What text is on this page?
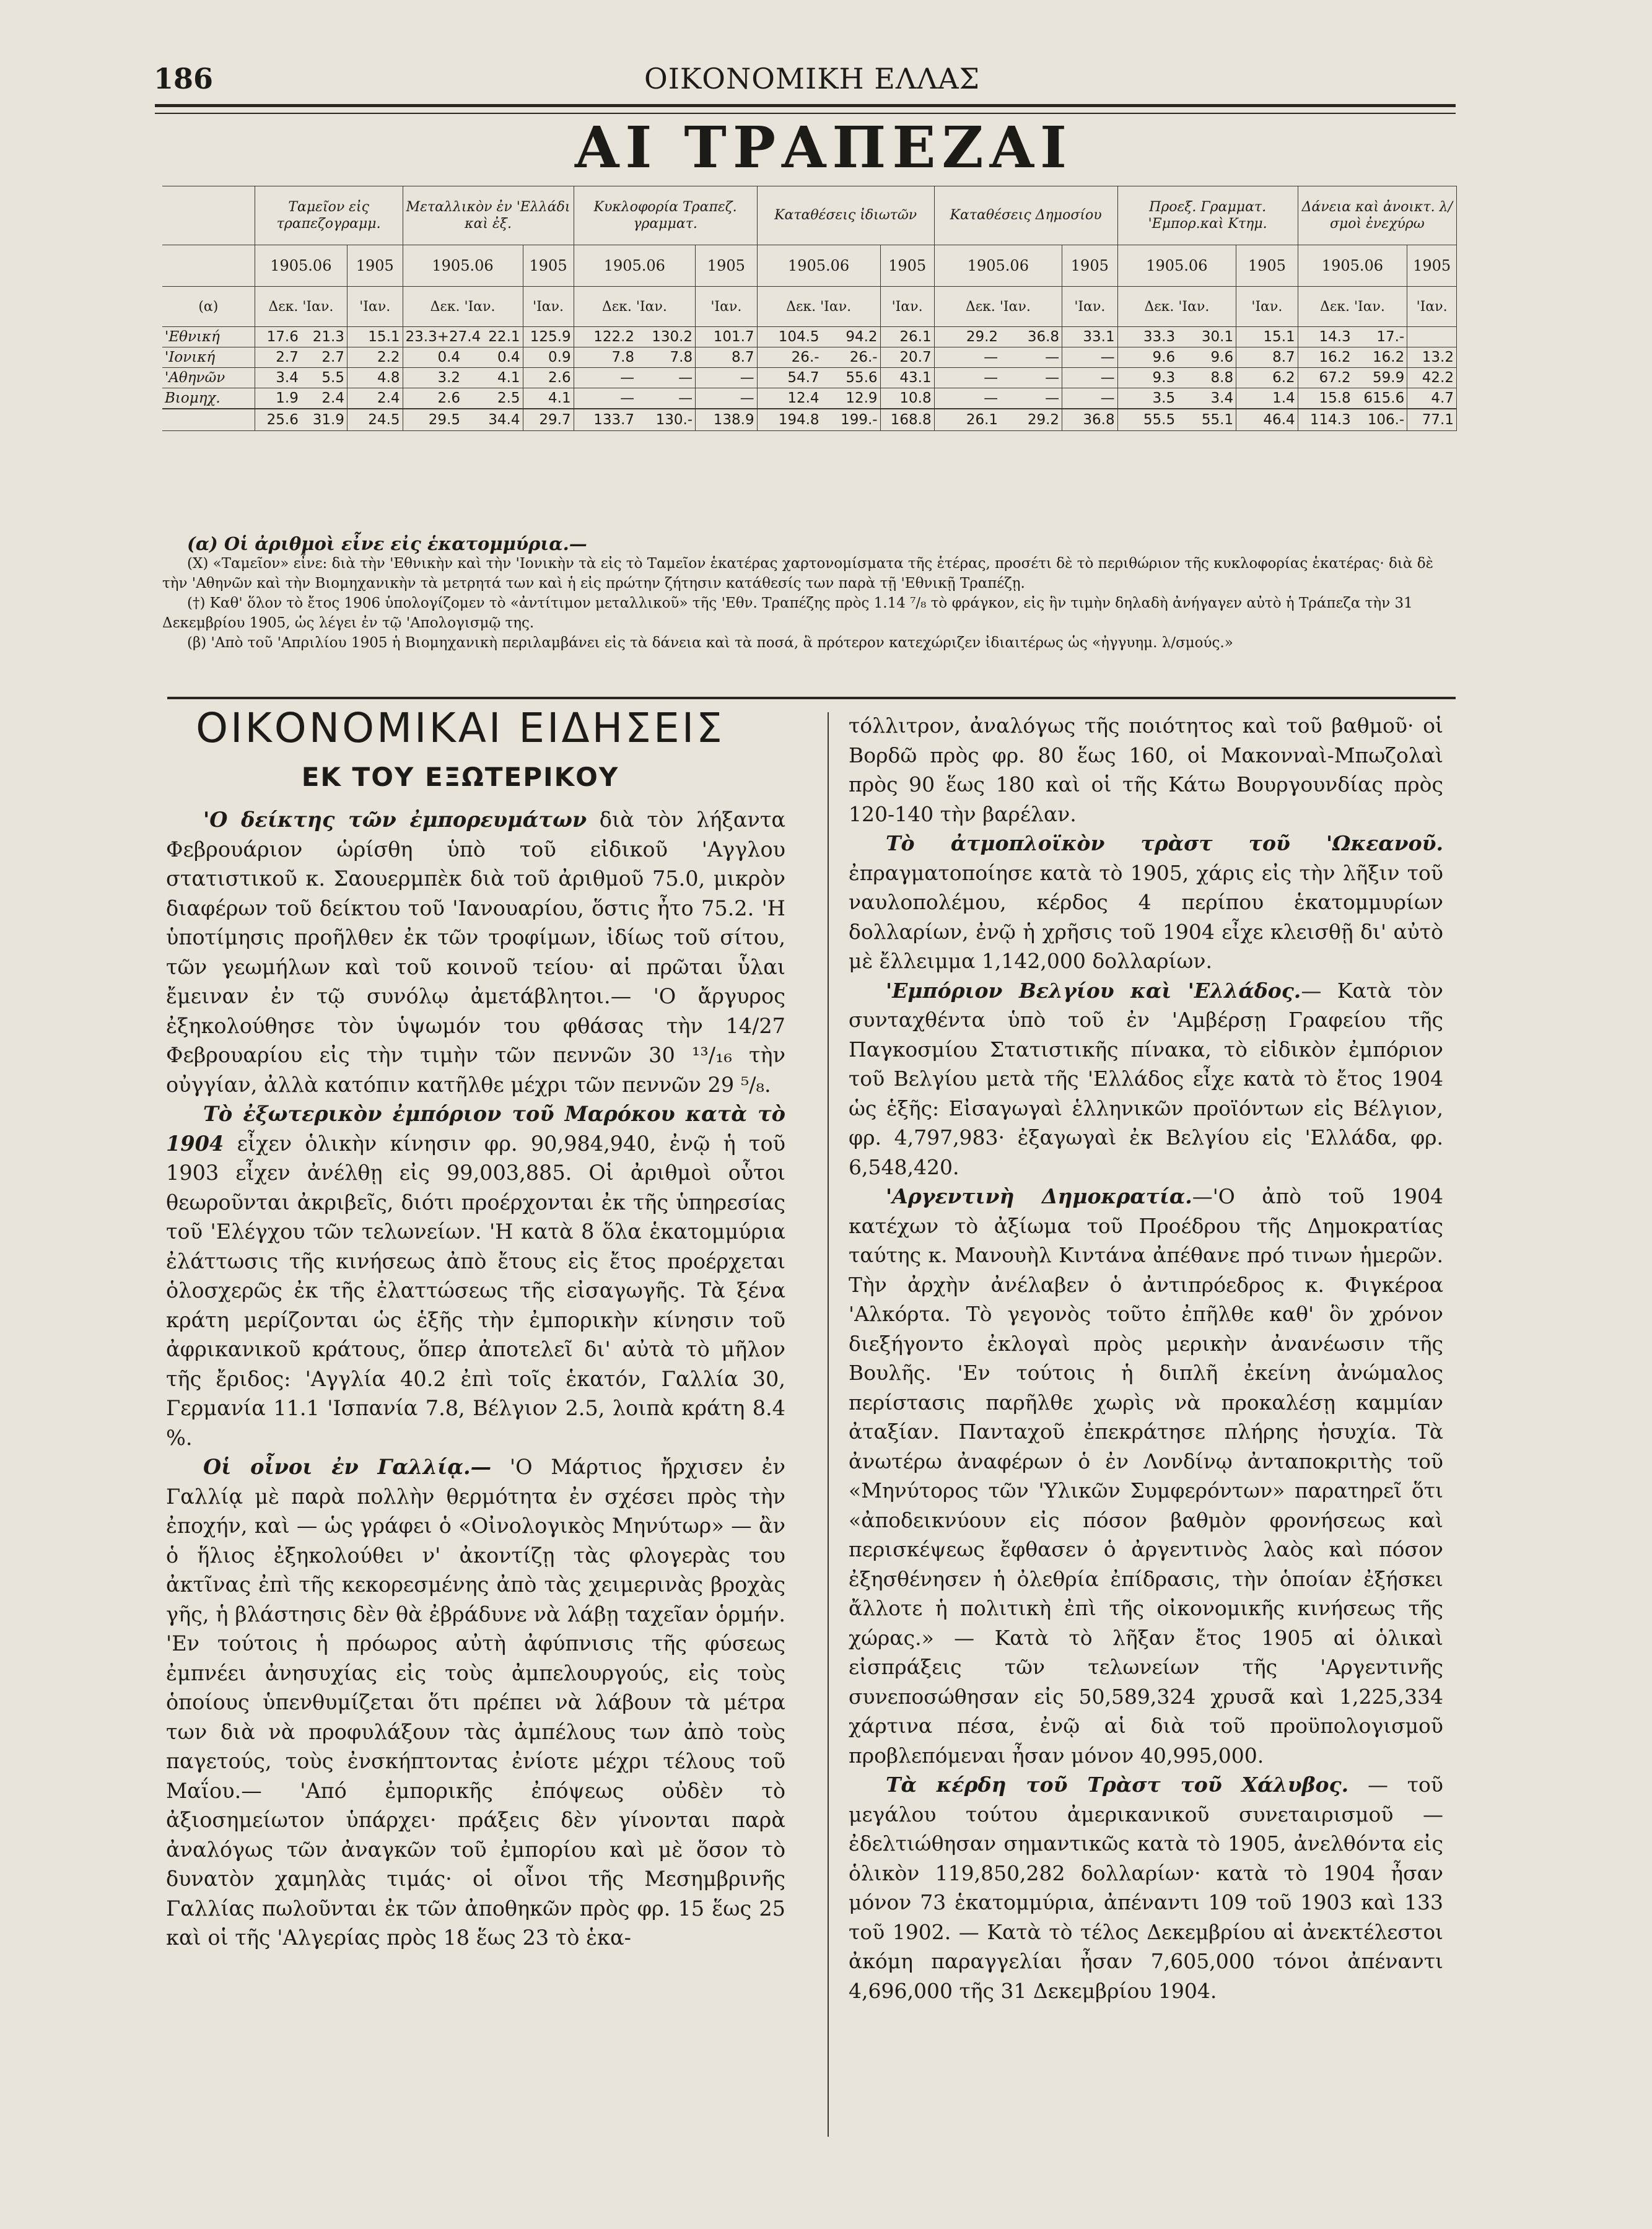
186	ΟΙΚΟΝΟΜΙΚΗ ΕΛΛΑΣ
ΑΙ ΤΡΑΠΕΖΑΙ
	Ταμεῖον εἰς τραπεζογραμμ.			Μεταλλικὸν ἐν 'Ελλάδι καὶ ἐξ.			Κυκλοφορία Τραπεζ. γραμματ.			Καταθέσεις ἰδιωτῶν			Καταθέσεις Δημοσίου			Προεξ. Γραμματ. 'Εμπορ.καὶ Κτημ.			Δάνεια καὶ ἀνοικτ. λ/σμοὶ ἐνεχύρω		
	1905.06		1905	1905.06		1905	1905.06		1905	1905.06		1905	1905.06		1905	1905.06		1905	1905.06		1905
(α)	Δεκ. 'Ιαν.		'Ιαν.	Δεκ. 'Ιαν.		'Ιαν.	Δεκ. 'Ιαν.		'Ιαν.	Δεκ. 'Ιαν.		'Ιαν.	Δεκ. 'Ιαν.		'Ιαν.	Δεκ. 'Ιαν.		'Ιαν.	Δεκ. 'Ιαν.		'Ιαν.
'Εθνική	17.6	21.3	15.1	23.3+27.4	22.1	125.9	122.2	130.2	101.7	104.5	94.2	26.1	29.2	36.8	33.1	33.3	30.1	15.1	14.3	17.-	
'Ιονική	2.7	2.7	2.2	0.4	0.4	0.9	7.8	7.8	8.7	26.-	26.-	20.7	—	—	—	9.6	9.6	8.7	16.2	16.2	13.2
'Αθηνῶν	3.4	5.5	4.8	3.2	4.1	2.6	—	—	—	54.7	55.6	43.1	—	—	—	9.3	8.8	6.2	67.2	59.9	42.2
Βιομηχ.	1.9	2.4	2.4	2.6	2.5	4.1	—	—	—	12.4	12.9	10.8	—	—	—	3.5	3.4	1.4	15.8	615.6	4.7
	25.6	31.9	24.5	29.5	34.4	29.7	133.7	130.-	138.9	194.8	199.-	168.8	26.1	29.2	36.8	55.5	55.1	46.4	114.3	106.-	77.1
(α) Οἱ ἀριθμοὶ εἶνε εἰς ἑκατομμύρια.—

(Χ) «Ταμεῖον» εἶνε: διὰ τὴν 'Εθνικὴν καὶ τὴν 'Ιονικὴν τὰ εἰς τὸ Ταμεῖον ἑκατέρας χαρτονομίσματα τῆς ἑτέρας, προσέτι δὲ τὸ περιθώριον τῆς κυκλοφορίας ἑκατέρας· διὰ δὲ τὴν 'Αθηνῶν καὶ τὴν Βιομηχανικὴν τὰ μετρητά των καὶ ἡ εἰς πρώτην ζήτησιν κατάθεσίς των παρὰ τῇ 'Εθνικῇ Τραπέζῃ.

(†) Καθ' ὅλον τὸ ἔτος 1906 ὑπολογίζομεν τὸ «ἀντίτιμον μεταλλικοῦ» τῆς 'Εθν. Τραπέζης πρὸς 1.14 ⁷/₈ τὸ φράγκον, εἰς ἣν τιμὴν δηλαδὴ ἀνήγαγεν αὐτὸ ἡ Τράπεζα τὴν 31 Δεκεμβρίου 1905, ὡς λέγει ἐν τῷ 'Απολογισμῷ της.

(β) 'Απὸ τοῦ 'Απριλίου 1905 ἡ Βιομηχανικὴ περιλαμβάνει εἰς τὰ δάνεια καὶ τὰ ποσά, ἃ πρότερον κατεχώριζεν ἰδιαιτέρως ὡς «ἠγγυημ. λ/σμούς.»

ΟΙΚΟΝΟΜΙΚΑΙ ΕΙΔΗΣΕΙΣ
ΕΚ ΤΟΥ ΕΞΩΤΕΡΙΚΟΥ

'Ο δείκτης τῶν ἐμπορευμάτων διὰ τὸν λήξαντα Φεβρουάριον ὡρίσθη ὑπὸ τοῦ εἰδικοῦ 'Αγγλου στατιστικοῦ κ. Σαουερμπὲκ διὰ τοῦ ἀριθμοῦ 75.0, μικρὸν διαφέρων τοῦ δείκτου τοῦ 'Ιανουαρίου, ὅστις ἦτο 75.2. 'Η ὑποτίμησις προῆλθεν ἐκ τῶν τροφίμων, ἰδίως τοῦ σίτου, τῶν γεωμήλων καὶ τοῦ κοινοῦ τείου· αἱ πρῶται ὗλαι ἔμειναν ἐν τῷ συνόλῳ ἀμετάβλητοι.— 'Ο ἄργυρος ἐξηκολούθησε τὸν ὑψωμόν του φθάσας τὴν 14/27 Φεβρουαρίου εἰς τὴν τιμὴν τῶν πεννῶν 30 ¹³/₁₆ τὴν οὐγγίαν, ἀλλὰ κατόπιν κατῆλθε μέχρι τῶν πεννῶν 29 ⁵/₈.

Τὸ ἐξωτερικὸν ἐμπόριον τοῦ Μαρόκου κατὰ τὸ 1904 εἶχεν ὁλικὴν κίνησιν φρ. 90,984,940, ἐνῷ ἡ τοῦ 1903 εἶχεν ἀνέλθῃ εἰς 99,003,885. Οἱ ἀριθμοὶ οὗτοι θεωροῦνται ἀκριβεῖς, διότι προέρχονται ἐκ τῆς ὑπηρεσίας τοῦ 'Ελέγχου τῶν τελωνείων. 'Η κατὰ 8 ὅλα ἑκατομμύρια ἐλάττωσις τῆς κινήσεως ἀπὸ ἔτους εἰς ἔτος προέρχεται ὁλοσχερῶς ἐκ τῆς ἐλαττώσεως τῆς εἰσαγωγῆς. Τὰ ξένα κράτη μερίζονται ὡς ἑξῆς τὴν ἐμπορικὴν κίνησιν τοῦ ἀφρικανικοῦ κράτους, ὅπερ ἀποτελεῖ δι' αὐτὰ τὸ μῆλον τῆς ἔριδος: 'Αγγλία 40.2 ἐπὶ τοῖς ἑκατόν, Γαλλία 30, Γερμανία 11.1 'Ισπανία 7.8, Βέλγιον 2.5, λοιπὰ κράτη 8.4 %.

Οἱ οἶνοι ἐν Γαλλίᾳ.— 'Ο Μάρτιος ἤρχισεν ἐν Γαλλίᾳ μὲ παρὰ πολλὴν θερμότητα ἐν σχέσει πρὸς τὴν ἐποχήν, καὶ — ὡς γράφει ὁ «Οἰνολογικὸς Μηνύτωρ» — ἂν ὁ ἥλιος ἐξηκολούθει ν' ἀκοντίζῃ τὰς φλογερὰς του ἀκτῖνας ἐπὶ τῆς κεκορεσμένης ἀπὸ τὰς χειμερινὰς βροχὰς γῆς, ἡ βλάστησις δὲν θὰ ἐβράδυνε νὰ λάβῃ ταχεῖαν ὁρμήν. 'Εν τούτοις ἡ πρόωρος αὐτὴ ἀφύπνισις τῆς φύσεως ἐμπνέει ἀνησυχίας εἰς τοὺς ἀμπελουργούς, εἰς τοὺς ὁποίους ὑπενθυμίζεται ὅτι πρέπει νὰ λάβουν τὰ μέτρα των διὰ νὰ προφυλάξουν τὰς ἀμπέλους των ἀπὸ τοὺς παγετούς, τοὺς ἐνσκήπτοντας ἐνίοτε μέχρι τέλους τοῦ Μαΐου.— 'Από ἐμπορικῆς ἐπόψεως οὐδὲν τὸ ἀξιοσημείωτον ὑπάρχει· πράξεις δὲν γίνονται παρὰ ἀναλόγως τῶν ἀναγκῶν τοῦ ἐμπορίου καὶ μὲ ὅσον τὸ δυνατὸν χαμηλὰς τιμάς· οἱ οἶνοι τῆς Μεσημβρινῆς Γαλλίας πωλοῦνται ἐκ τῶν ἀποθηκῶν πρὸς φρ. 15 ἕως 25 καὶ οἱ τῆς 'Αλγερίας πρὸς 18 ἕως 23 τὸ ἑκα-

τόλλιτρον, ἀναλόγως τῆς ποιότητος καὶ τοῦ βαθμοῦ· οἱ Βορδῶ πρὸς φρ. 80 ἕως 160, οἱ Μακονναὶ-Μπωζολαὶ πρὸς 90 ἕως 180 καὶ οἱ τῆς Κάτω Βουργουνδίας πρὸς 120-140 τὴν βαρέλαν.

Τὸ ἀτμοπλοϊκὸν τρὰστ τοῦ 'Ωκεανοῦ. ἐπραγματοποίησε κατὰ τὸ 1905, χάρις εἰς τὴν λῆξιν τοῦ ναυλοπολέμου, κέρδος 4 περίπου ἑκατομμυρίων δολλαρίων, ἐνῷ ἡ χρῆσις τοῦ 1904 εἶχε κλεισθῇ δι' αὐτὸ μὲ ἔλλειμμα 1,142,000 δολλαρίων.

'Εμπόριον Βελγίου καὶ 'Ελλάδος.— Κατὰ τὸν συνταχθέντα ὑπὸ τοῦ ἐν 'Αμβέρσῃ Γραφείου τῆς Παγκοσμίου Στατιστικῆς πίνακα, τὸ εἰδικὸν ἐμπόριον τοῦ Βελγίου μετὰ τῆς 'Ελλάδος εἶχε κατὰ τὸ ἔτος 1904 ὡς ἑξῆς: Εἰσαγωγαὶ ἑλληνικῶν προϊόντων εἰς Βέλγιον, φρ. 4,797,983· ἐξαγωγαὶ ἐκ Βελγίου εἰς 'Ελλάδα, φρ. 6,548,420.

'Αργεντινὴ Δημοκρατία.—'Ο ἀπὸ τοῦ 1904 κατέχων τὸ ἀξίωμα τοῦ Προέδρου τῆς Δημοκρατίας ταύτης κ. Μανουὴλ Κιντάνα ἀπέθανε πρό τινων ἡμερῶν. Τὴν ἀρχὴν ἀνέλαβεν ὁ ἀντιπρόεδρος κ. Φιγκέροα 'Αλκόρτα. Τὸ γεγονὸς τοῦτο ἐπῆλθε καθ' ὃν χρόνον διεξήγοντο ἐκλογαὶ πρὸς μερικὴν ἀνανέωσιν τῆς Βουλῆς. 'Εν τούτοις ἡ διπλῆ ἐκείνη ἀνώμαλος περίστασις παρῆλθε χωρὶς νὰ προκαλέσῃ καμμίαν ἀταξίαν. Πανταχοῦ ἐπεκράτησε πλήρης ἡσυχία. Τὰ ἀνωτέρω ἀναφέρων ὁ ἐν Λονδίνῳ ἀνταποκριτὴς τοῦ «Μηνύτορος τῶν 'Υλικῶν Συμφερόντων» παρατηρεῖ ὅτι «ἀποδεικνύουν εἰς πόσον βαθμὸν φρονήσεως καὶ περισκέψεως ἔφθασεν ὁ ἀργεντινὸς λαὸς καὶ πόσον ἐξησθένησεν ἡ ὀλεθρία ἐπίδρασις, τὴν ὁποίαν ἐξήσκει ἄλλοτε ἡ πολιτικὴ ἐπὶ τῆς οἰκονομικῆς κινήσεως τῆς χώρας.» — Κατὰ τὸ λῆξαν ἔτος 1905 αἱ ὁλικαὶ εἰσπράξεις τῶν τελωνείων τῆς 'Αργεντινῆς συνεποσώθησαν εἰς 50,589,324 χρυσᾶ καὶ 1,225,334 χάρτινα πέσα, ἐνῷ αἱ διὰ τοῦ προϋπολογισμοῦ προβλεπόμεναι ἦσαν μόνον 40,995,000.

Τὰ κέρδη τοῦ Τρὰστ τοῦ Χάλυβος. — τοῦ μεγάλου τούτου ἀμερικανικοῦ συνεταιρισμοῦ — ἐδελτιώθησαν σημαντικῶς κατὰ τὸ 1905, ἀνελθόντα εἰς ὁλικὸν 119,850,282 δολλαρίων· κατὰ τὸ 1904 ἦσαν μόνον 73 ἑκατομμύρια, ἀπέναντι 109 τοῦ 1903 καὶ 133 τοῦ 1902. — Κατὰ τὸ τέλος Δεκεμβρίου αἱ ἀνεκτέλεστοι ἀκόμη παραγγελίαι ἦσαν 7,605,000 τόνοι ἀπέναντι 4,696,000 τῆς 31 Δεκεμβρίου 1904.
